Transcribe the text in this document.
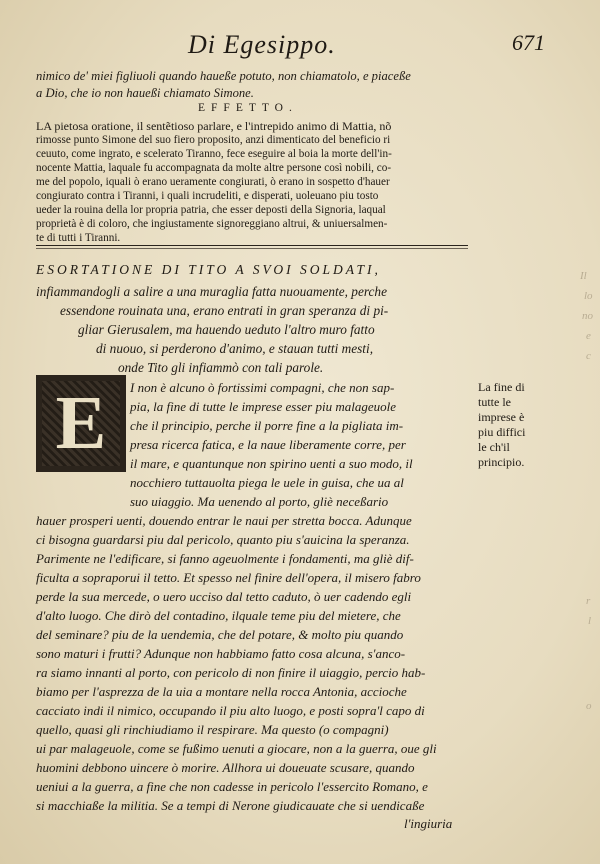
Di Egesippo.	671
nimico de' miei figliuoli quando haueße potuto, non chiamatolo, e piaceße
a Dio, che io non haueßi chiamato Simone.
EFFETTO.
LA pietosa oratione, il sentẽtioso parlare, e l'intrepido animo di Mattia, nõ
rimosse punto Simone del suo fiero proposito, anzi dimenticato del beneficio ri
ceuuto, come ingrato, e scelerato Tiranno, fece eseguire al boia la morte dell'in-
nocente Mattia, laquale fu accompagnata da molte altre persone così nobili, co-
me del popolo, iquali ò erano ueramente congiurati, ò erano in sospetto d'hauer
congiurato contra i Tiranni, i quali incrudeliti, e disperati, uoleuano piu tosto
ueder la rouina della lor propria patria, che esser deposti della Signoria, laqual
proprietà è di coloro, che ingiustamente signoreggiano altrui, & uniuersalmen-
te di tutti i Tiranni.
ESORTATIONE DI TITO A SVOI SOLDATI,
infiammandogli a salire a una muraglia fatta nuouamente, perche
essendone rouinata una, erano entrati in gran speranza di pi-
gliar Gierusalem, ma hauendo ueduto l'altro muro fatto
di nuouo, si perderono d'animo, e stauan tutti mesti,
onde Tito gli infiammò con tali parole.
E	I non è alcuno ò fortissimi compagni, che non sap-
pia, la fine di tutte le imprese esser piu malageuole
che il principio, perche il porre fine a la pigliata im-
presa ricerca fatica, e la naue liberamente corre, per
il mare, e quantunque non spirino uenti a suo modo, il
nocchiero tuttauolta piega le uele in guisa, che ua al
suo uiaggio. Ma uenendo al porto, gliè neceßario
hauer prosperi uenti, douendo entrar le naui per stretta bocca. Adunque
ci bisogna guardarsi piu dal pericolo, quanto piu s'auicina la speranza.
Parimente ne l'edificare, si fanno ageuolmente i fondamenti, ma gliè dif-
ficulta a sopraporui il tetto. Et spesso nel finire dell'opera, il misero fabro
perde la sua mercede, o uero ucciso dal tetto caduto, ò uer cadendo egli
d'alto luogo. Che dirò del contadino, ilquale teme piu del mietere, che
del seminare? piu de la uendemia, che del potare, & molto piu quando
sono maturi i frutti? Adunque non habbiamo fatto cosa alcuna, s'anco-
ra siamo innanti al porto, con pericolo di non finire il uiaggio, percio hab-
biamo per l'asprezza de la uia a montare nella rocca Antonia, accioche
cacciato indi il nimico, occupando il piu alto luogo, e posti sopra'l capo di
quello, quasi gli rinchiudiamo il respirare. Ma questo (o compagni)
ui par malageuole, come se fußimo uenuti a giocare, non a la guerra, oue gli
huomini debbono uincere ò morire. Allhora ui doueuate scusare, quando
ueniui a la guerra, a fine che non cadesse in pericolo l'essercito Romano, e
si macchiaße la militia. Se a tempi di Nerone giudicauate che si uendicaße
l'ingiuria
La fine di
tutte le
imprese è
piu diffici
le ch'il
principio.
Il
lo
no
e
c
r
l
o
